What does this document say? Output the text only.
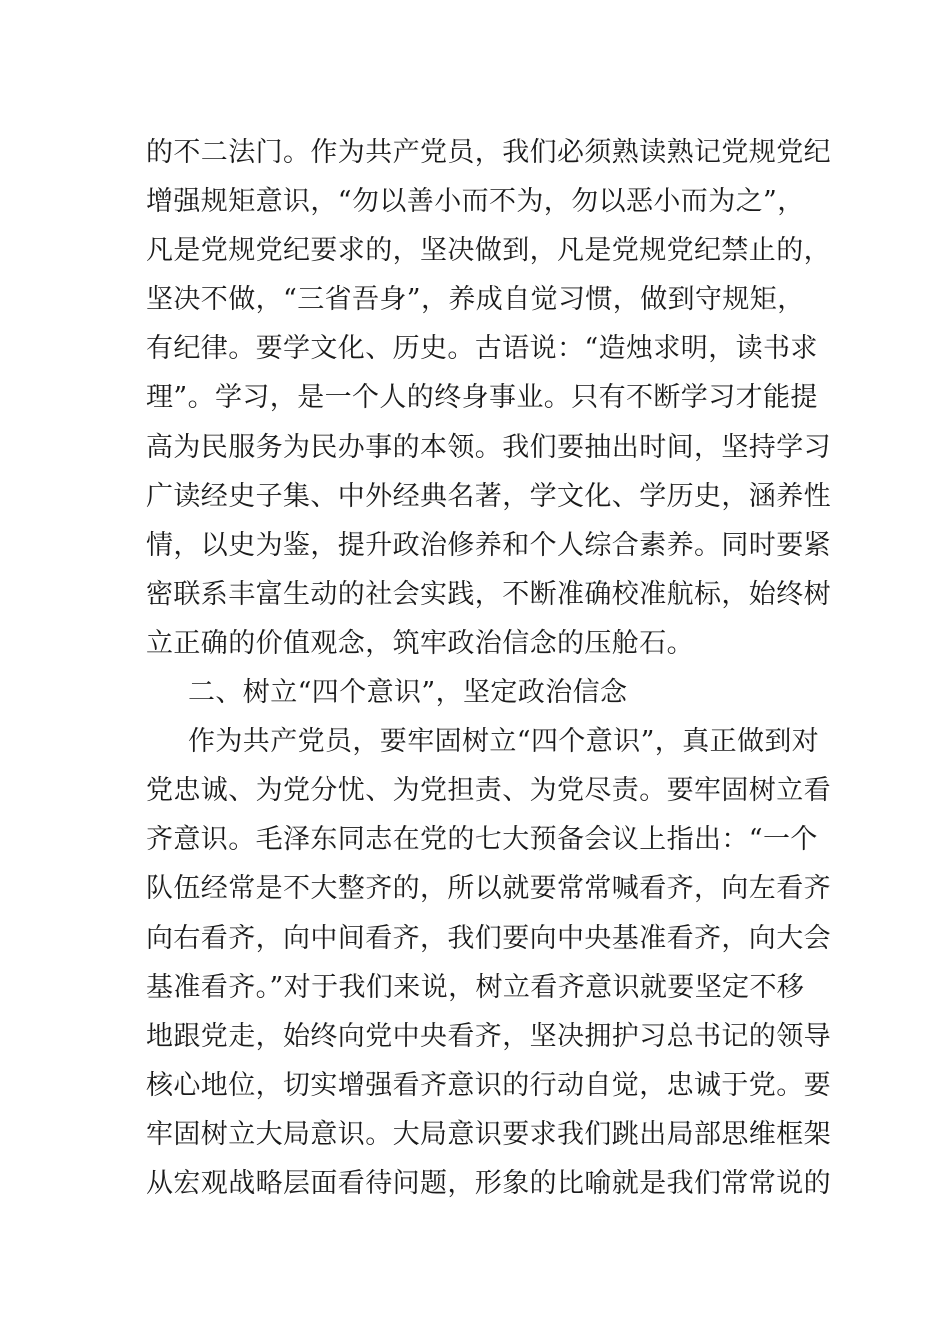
的不二法门。作为共产党员，我们必须熟读熟记党规党纪
增强规矩意识，“勿以善小而不为，勿以恶小而为之”，
凡是党规党纪要求的，坚决做到，凡是党规党纪禁止的，
坚决不做，“三省吾身”，养成自觉习惯，做到守规矩，
有纪律。要学文化、历史。古语说：“造烛求明，读书求
理”。学习，是一个人的终身事业。只有不断学习才能提
高为民服务为民办事的本领。我们要抽出时间，坚持学习
广读经史子集、中外经典名著，学文化、学历史，涵养性
情，以史为鉴，提升政治修养和个人综合素养。同时要紧
密联系丰富生动的社会实践，不断准确校准航标，始终树
立正确的价值观念，筑牢政治信念的压舱石。
二、树立“四个意识”，坚定政治信念
作为共产党员，要牢固树立“四个意识”，真正做到对
党忠诚、为党分忧、为党担责、为党尽责。要牢固树立看
齐意识。毛泽东同志在党的七大预备会议上指出：“一个
队伍经常是不大整齐的，所以就要常常喊看齐，向左看齐
向右看齐，向中间看齐，我们要向中央基准看齐，向大会
基准看齐。”对于我们来说，树立看齐意识就要坚定不移
地跟党走，始终向党中央看齐，坚决拥护习总书记的领导
核心地位，切实增强看齐意识的行动自觉，忠诚于党。要
牢固树立大局意识。大局意识要求我们跳出局部思维框架
从宏观战略层面看待问题，形象的比喻就是我们常常说的
